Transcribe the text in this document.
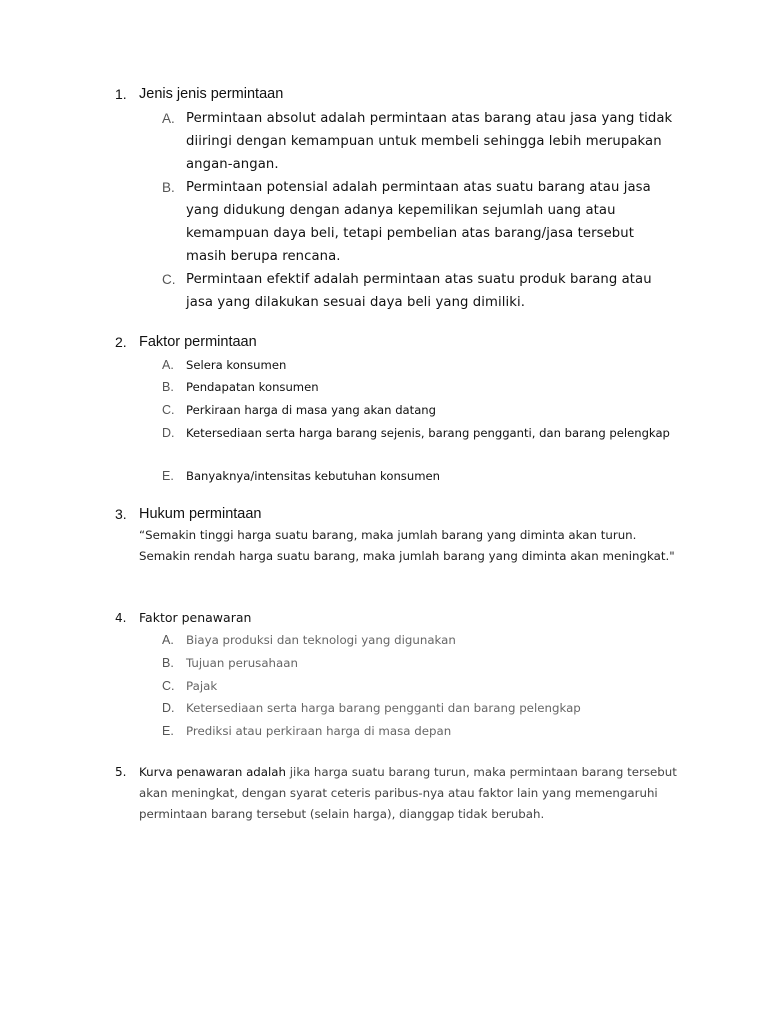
1. Jenis jenis permintaan
A. Permintaan absolut adalah permintaan atas barang atau jasa yang tidak diiringi dengan kemampuan untuk membeli sehingga lebih merupakan angan-angan.
B. Permintaan potensial adalah permintaan atas suatu barang atau jasa yang didukung dengan adanya kepemilikan sejumlah uang atau kemampuan daya beli, tetapi pembelian atas barang/jasa tersebut masih berupa rencana.
C. Permintaan efektif adalah permintaan atas suatu produk barang atau jasa yang dilakukan sesuai daya beli yang dimiliki.
2. Faktor permintaan
A.	Selera konsumen
B.	Pendapatan konsumen
C. Perkiraan harga di masa yang akan datang
D. Ketersediaan serta harga barang sejenis, barang pengganti, dan barang pelengkap
E.	Banyaknya/intensitas kebutuhan konsumen
3. Hukum permintaan
“Semakin tinggi harga suatu barang, maka jumlah barang yang diminta akan turun. Semakin rendah harga suatu barang, maka jumlah barang yang diminta akan meningkat."
4.	Faktor penawaran
A.	Biaya produksi dan teknologi yang digunakan
B.	Tujuan perusahaan
C. Pajak
D. Ketersediaan serta harga barang pengganti dan barang pelengkap
E.	Prediksi atau perkiraan harga di masa depan
5.	Kurva penawaran adalah jika harga suatu barang turun, maka permintaan barang tersebut akan meningkat, dengan syarat ceteris paribus-nya atau faktor lain yang memengaruhi permintaan barang tersebut (selain harga), dianggap tidak berubah.
